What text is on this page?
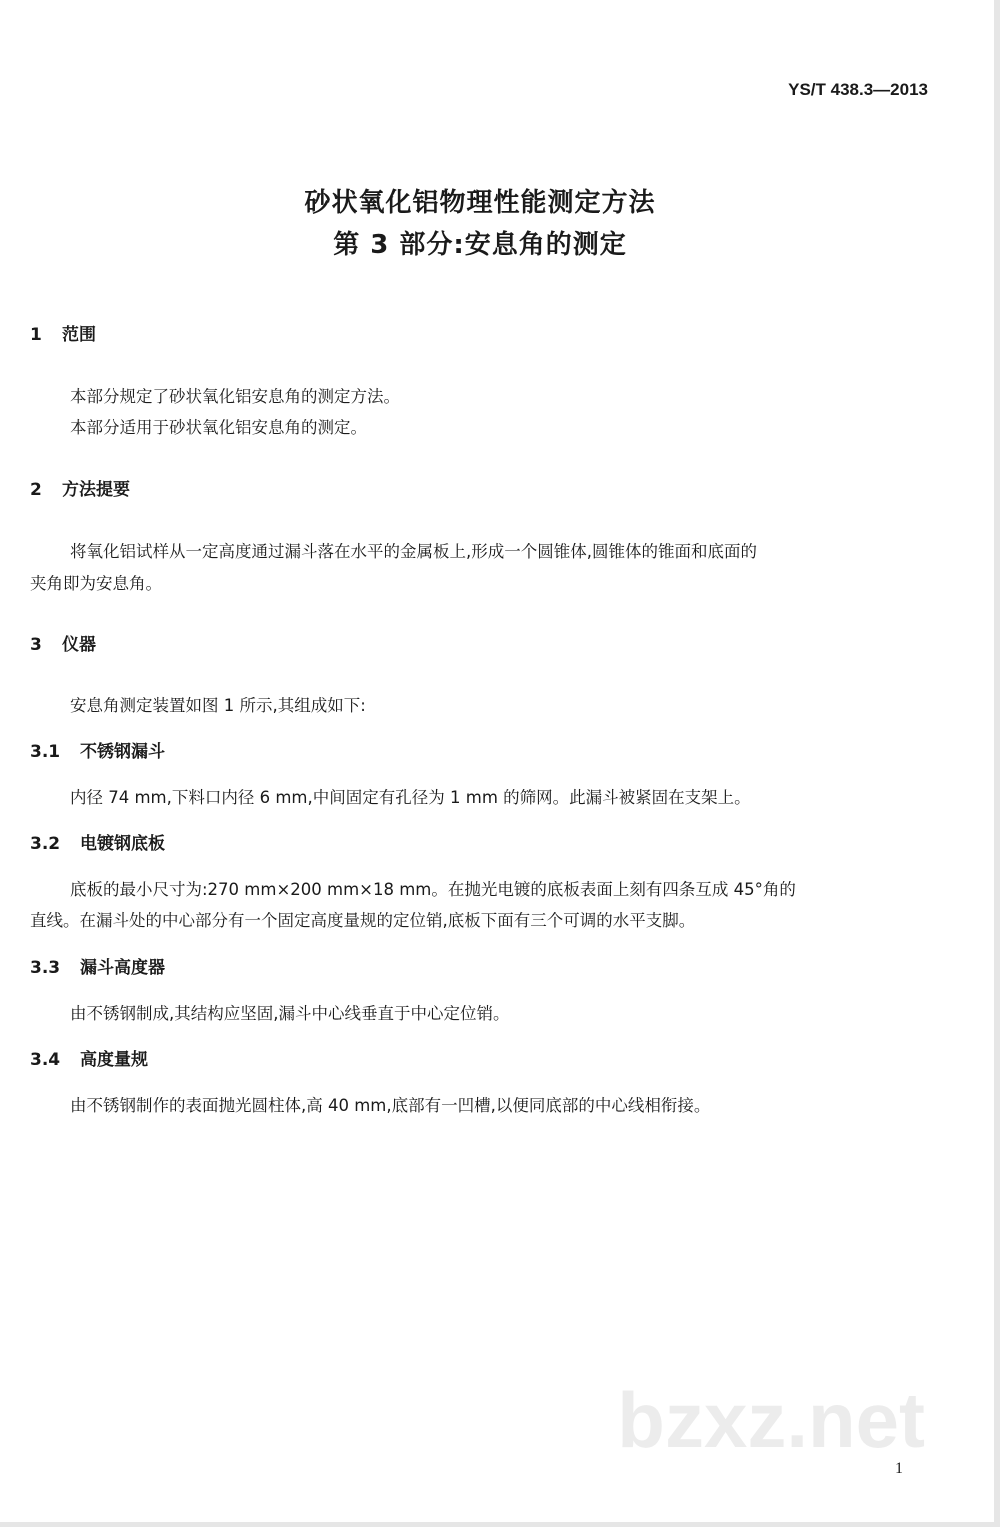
YS/T 438.3—2013
砂状氧化铝物理性能测定方法
第 3 部分:安息角的测定
1 范围
本部分规定了砂状氧化铝安息角的测定方法。
本部分适用于砂状氧化铝安息角的测定。
2 方法提要
将氧化铝试样从一定高度通过漏斗落在水平的金属板上,形成一个圆锥体,圆锥体的锥面和底面的
夹角即为安息角。
3 仪器
安息角测定装置如图 1 所示,其组成如下:
3.1 不锈钢漏斗
内径 74 mm,下料口内径 6 mm,中间固定有孔径为 1 mm 的筛网。此漏斗被紧固在支架上。
3.2 电镀钢底板
底板的最小尺寸为:270 mm×200 mm×18 mm。在抛光电镀的底板表面上刻有四条互成 45°角的
直线。在漏斗处的中心部分有一个固定高度量规的定位销,底板下面有三个可调的水平支脚。
3.3 漏斗高度器
由不锈钢制成,其结构应坚固,漏斗中心线垂直于中心定位销。
3.4 高度量规
由不锈钢制作的表面抛光圆柱体,高 40 mm,底部有一凹槽,以便同底部的中心线相衔接。
bzxz.net
1
